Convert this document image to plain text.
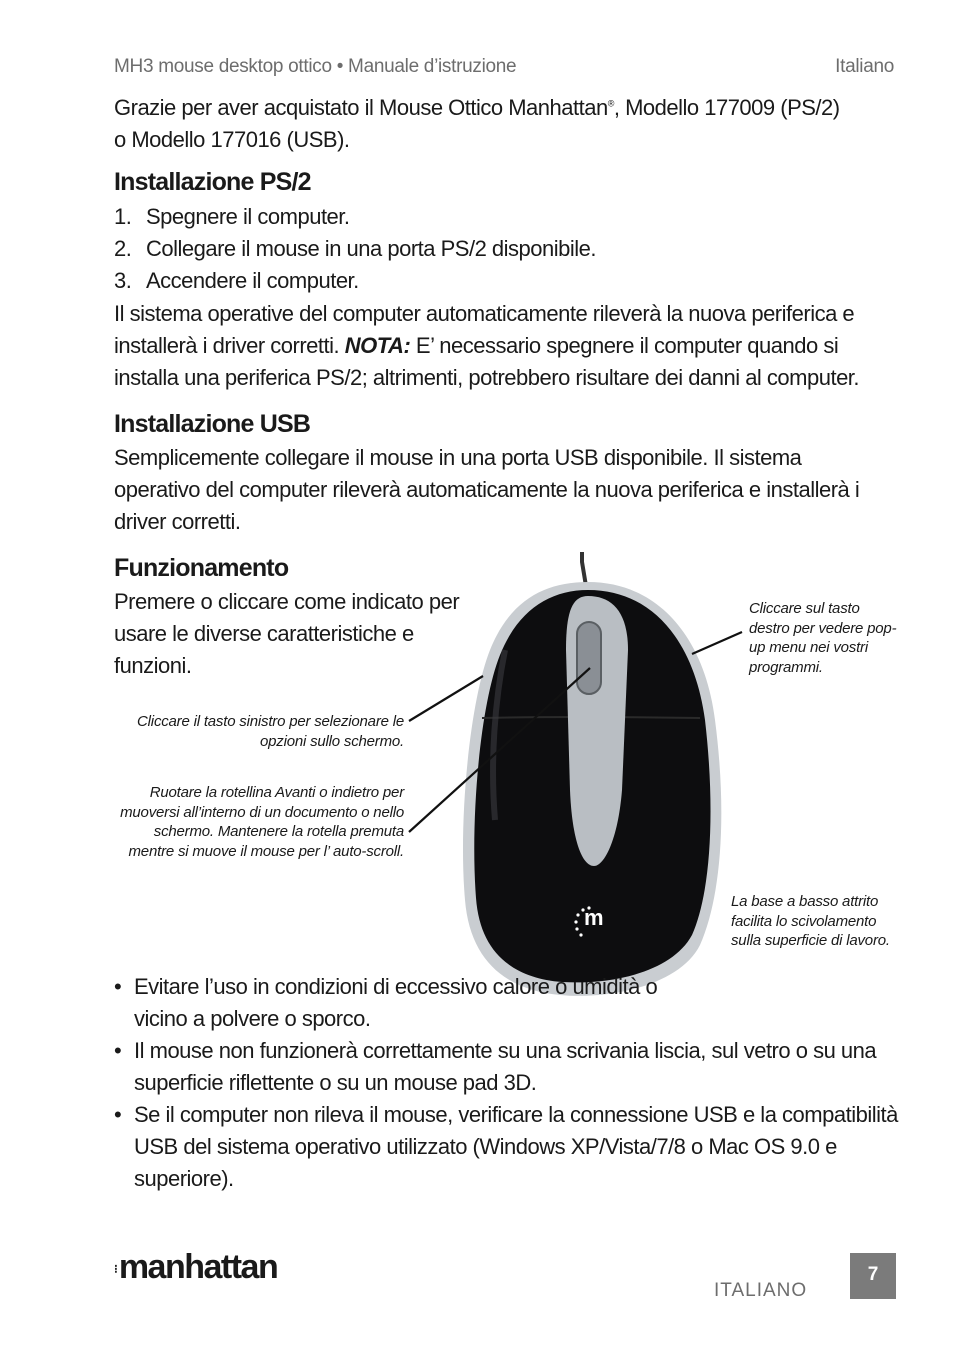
MH3 mouse desktop ottico • Manuale d’istruzione	Italiano
Grazie per aver acquistato il Mouse Ottico Manhattan®, Modello 177009 (PS/2)
o Modello 177016 (USB).
Installazione PS/2
1. Spegnere il computer.
2. Collegare il mouse in una porta PS/2 disponibile.
3. Accendere il computer.
Il sistema operative del computer automaticamente rileverà la nuova periferica e installerà i driver corretti. NOTA: E’ necessario spegnere il computer quando si installa una periferica PS/2; altrimenti, potrebbero risultare dei danni al computer.
Installazione USB
Semplicemente collegare il mouse in una porta USB disponibile. Il sistema operativo del computer rileverà automaticamente la nuova periferica e installerà i driver corretti.
Funzionamento
Premere o cliccare come indicato per usare le diverse caratteristiche e funzioni.
m
Cliccare sul tasto destro per vedere pop-up menu nei vostri programmi.
Cliccare il tasto sinistro per selezionare le opzioni sullo schermo.
Ruotare la rotellina Avanti o indietro per muoversi all’interno di un documento o nello schermo. Mantenere la rotella premuta mentre si muove il mouse per l’ auto-scroll.
La base a basso attrito facilita lo scivolamento sulla superficie di lavoro.
• Evitare l’uso in condizioni di eccessivo calore o umidità o vicino a polvere o sporco.
• Il mouse non funzionerà correttamente su una scrivania liscia, sul vetro o su una superficie riflettente o su un mouse pad 3D.
• Se il computer non rileva il mouse, verificare la connessione USB e la compatibilità USB del sistema operativo utilizzato (Windows XP/Vista/7/8 o Mac OS 9.0 e superiore).
⁝manhattan
ITALIANO
7
